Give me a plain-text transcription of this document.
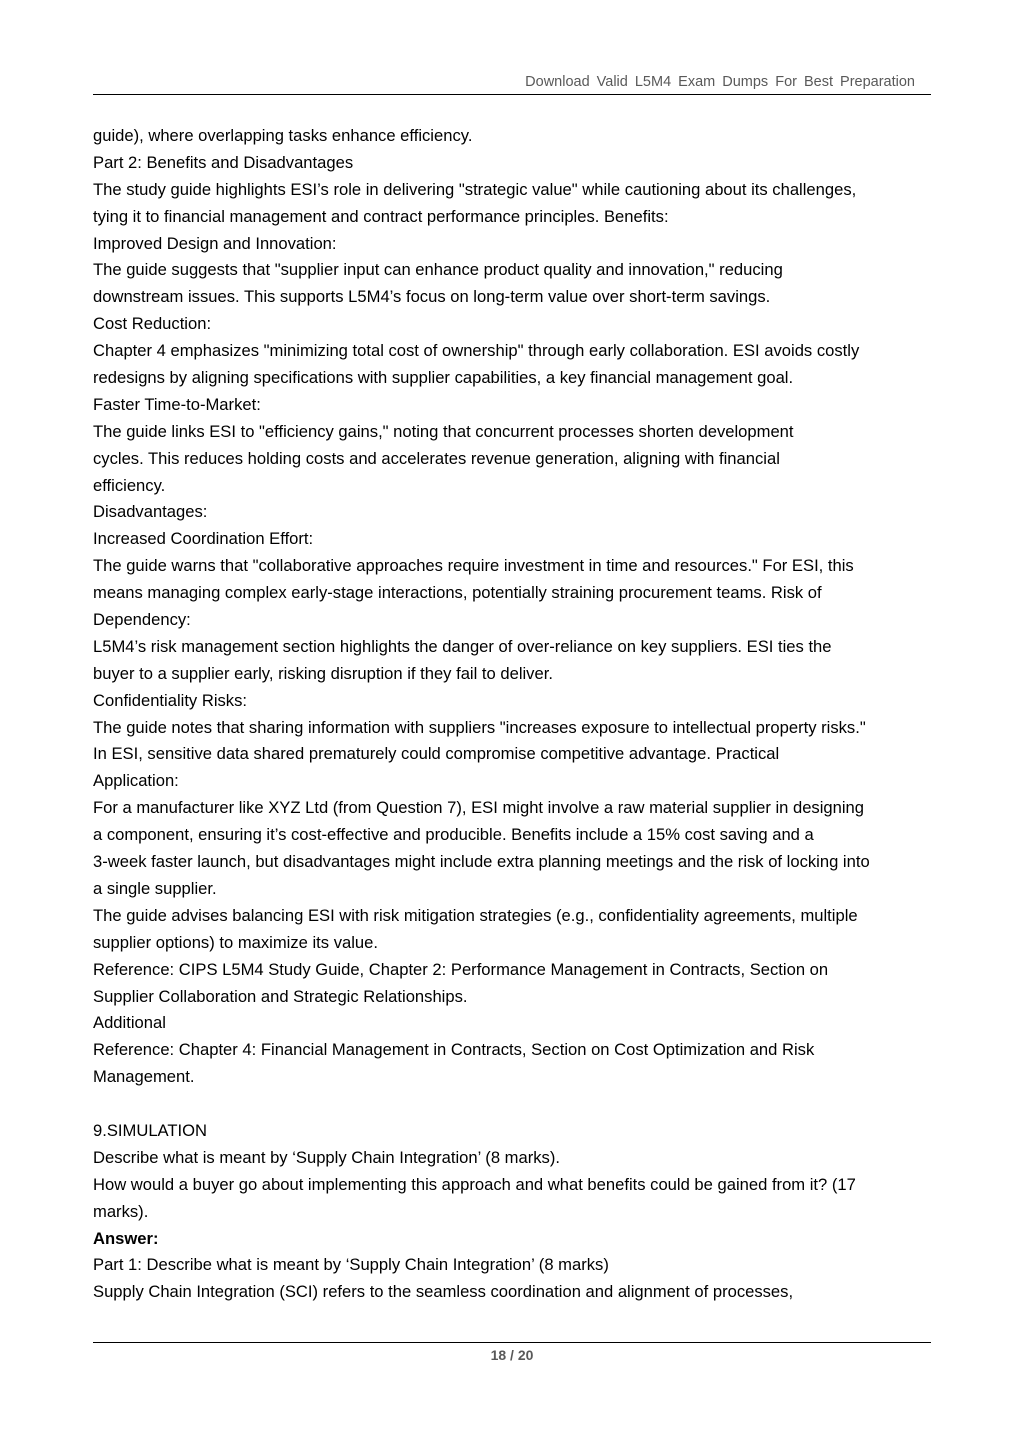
Download Valid L5M4 Exam Dumps For Best Preparation
guide), where overlapping tasks enhance efficiency.
Part 2: Benefits and Disadvantages
The study guide highlights ESI’s role in delivering "strategic value" while cautioning about its challenges,
tying it to financial management and contract performance principles. Benefits:
Improved Design and Innovation:
The guide suggests that "supplier input can enhance product quality and innovation," reducing
downstream issues. This supports L5M4’s focus on long-term value over short-term savings.
Cost Reduction:
Chapter 4 emphasizes "minimizing total cost of ownership" through early collaboration. ESI avoids costly
redesigns by aligning specifications with supplier capabilities, a key financial management goal.
Faster Time-to-Market:
The guide links ESI to "efficiency gains," noting that concurrent processes shorten development
cycles. This reduces holding costs and accelerates revenue generation, aligning with financial
efficiency.
Disadvantages:
Increased Coordination Effort:
The guide warns that "collaborative approaches require investment in time and resources." For ESI, this
means managing complex early-stage interactions, potentially straining procurement teams. Risk of
Dependency:
L5M4’s risk management section highlights the danger of over-reliance on key suppliers. ESI ties the
buyer to a supplier early, risking disruption if they fail to deliver.
Confidentiality Risks:
The guide notes that sharing information with suppliers "increases exposure to intellectual property risks."
In ESI, sensitive data shared prematurely could compromise competitive advantage. Practical
Application:
For a manufacturer like XYZ Ltd (from Question 7), ESI might involve a raw material supplier in designing
a component, ensuring it’s cost-effective and producible. Benefits include a 15% cost saving and a
3-week faster launch, but disadvantages might include extra planning meetings and the risk of locking into
a single supplier.
The guide advises balancing ESI with risk mitigation strategies (e.g., confidentiality agreements, multiple
supplier options) to maximize its value.
Reference: CIPS L5M4 Study Guide, Chapter 2: Performance Management in Contracts, Section on
Supplier Collaboration and Strategic Relationships.
Additional
Reference: Chapter 4: Financial Management in Contracts, Section on Cost Optimization and Risk
Management.
9.SIMULATION
Describe what is meant by ‘Supply Chain Integration’ (8 marks).
How would a buyer go about implementing this approach and what benefits could be gained from it? (17
marks).
Answer:
Part 1: Describe what is meant by ‘Supply Chain Integration’ (8 marks)
Supply Chain Integration (SCI) refers to the seamless coordination and alignment of processes,
18 / 20
